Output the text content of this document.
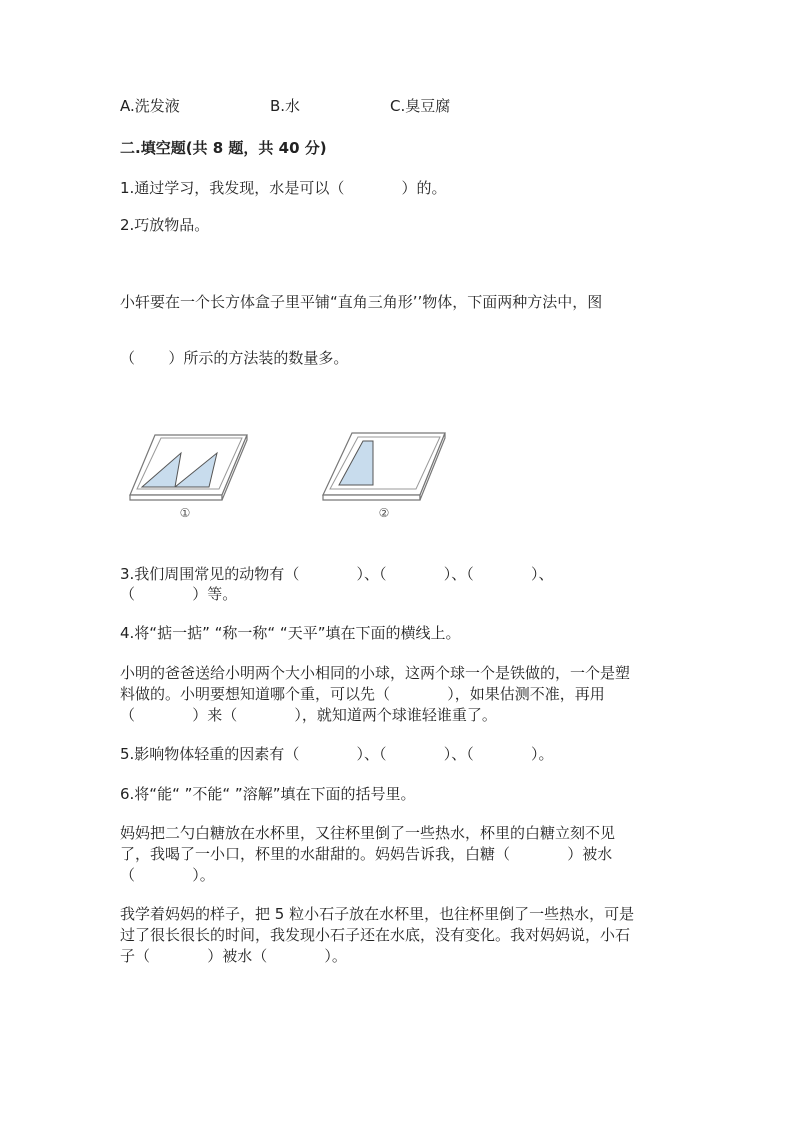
A.洗发液	B.水	C.臭豆腐
二.填空题(共 8 题，共 40 分)
1.通过学习，我发现，水是可以（            ）的。
2.巧放物品。
小轩要在一个长方体盒子里平铺“直角三角形’’物体，下面两种方法中，图
（       ）所示的方法装的数量多。
①	②
3.我们周围常见的动物有（            ）、（            ）、（            ）、
（            ）等。
4.将“掂一掂” “称一称“ “天平”填在下面的横线上。
小明的爸爸送给小明两个大小相同的小球，这两个球一个是铁做的，一个是塑
料做的。小明要想知道哪个重，可以先（            ），如果估测不准，再用
（            ）来（            ），就知道两个球谁轻谁重了。
5.影响物体轻重的因素有（            ）、（            ）、（            ）。
6.将“能“ ”不能“ ”溶解”填在下面的括号里。
妈妈把二勺白糖放在水杯里，又往杯里倒了一些热水，杯里的白糖立刻不见
了，我喝了一小口，杯里的水甜甜的。妈妈告诉我，白糖（            ）被水
（            ）。
我学着妈妈的样子，把 5 粒小石子放在水杯里，也往杯里倒了一些热水，可是
过了很长很长的时间，我发现小石子还在水底，没有变化。我对妈妈说，小石
子（            ）被水（            ）。
